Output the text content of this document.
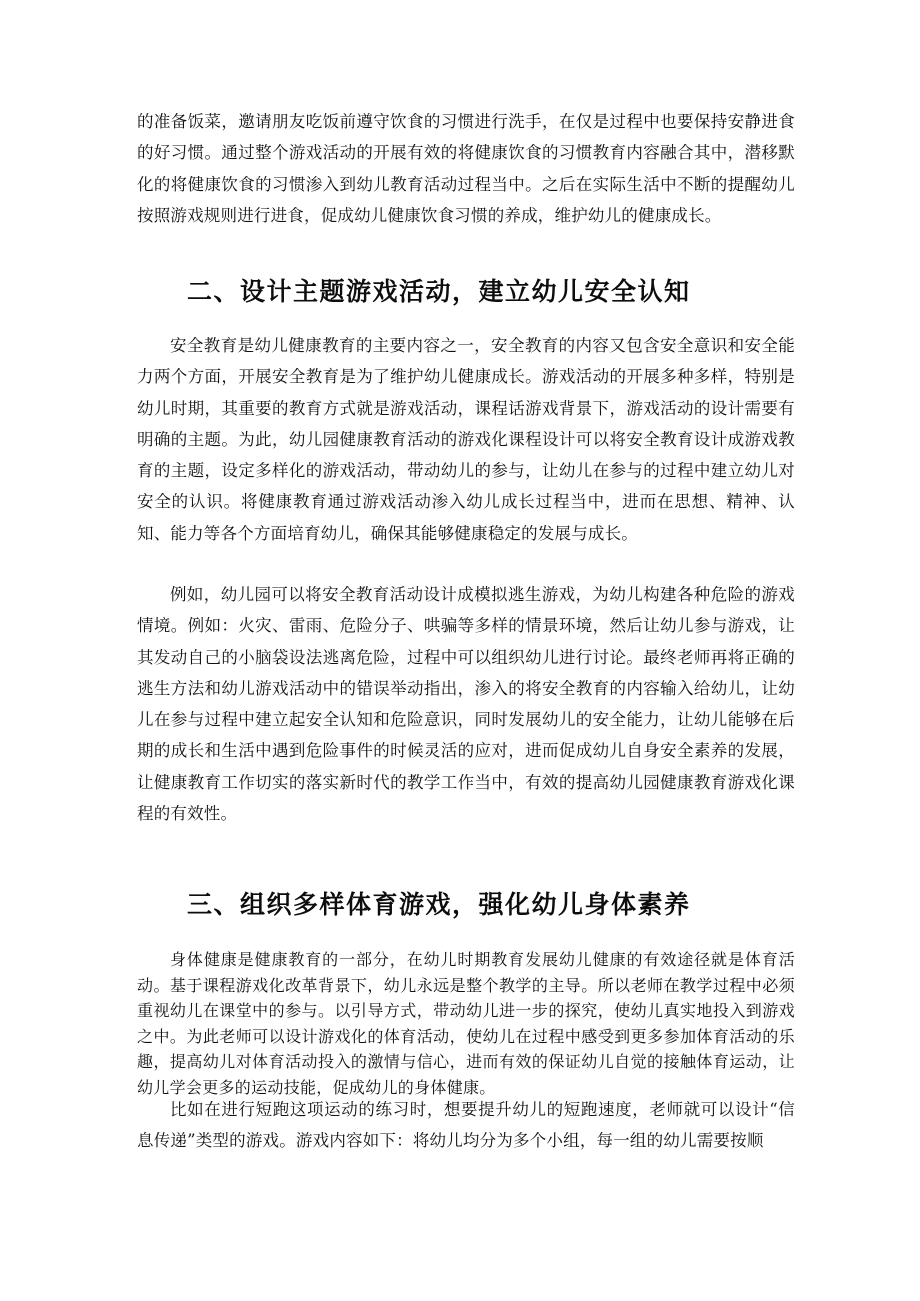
的准备饭菜，邀请朋友吃饭前遵守饮食的习惯进行洗手，在仅是过程中也要保持安静进食的好习惯。通过整个游戏活动的开展有效的将健康饮食的习惯教育内容融合其中，潜移默化的将健康饮食的习惯渗入到幼儿教育活动过程当中。之后在实际生活中不断的提醒幼儿按照游戏规则进行进食，促成幼儿健康饮食习惯的养成，维护幼儿的健康成长。

二、设计主题游戏活动，建立幼儿安全认知

安全教育是幼儿健康教育的主要内容之一，安全教育的内容又包含安全意识和安全能力两个方面，开展安全教育是为了维护幼儿健康成长。游戏活动的开展多种多样，特别是幼儿时期，其重要的教育方式就是游戏活动，课程话游戏背景下，游戏活动的设计需要有明确的主题。为此，幼儿园健康教育活动的游戏化课程设计可以将安全教育设计成游戏教育的主题，设定多样化的游戏活动，带动幼儿的参与，让幼儿在参与的过程中建立幼儿对安全的认识。将健康教育通过游戏活动渗入幼儿成长过程当中，进而在思想、精神、认知、能力等各个方面培育幼儿，确保其能够健康稳定的发展与成长。

例如，幼儿园可以将安全教育活动设计成模拟逃生游戏，为幼儿构建各种危险的游戏情境。例如：火灾、雷雨、危险分子、哄骗等多样的情景环境，然后让幼儿参与游戏，让其发动自己的小脑袋设法逃离危险，过程中可以组织幼儿进行讨论。最终老师再将正确的逃生方法和幼儿游戏活动中的错误举动指出，渗入的将安全教育的内容输入给幼儿，让幼儿在参与过程中建立起安全认知和危险意识，同时发展幼儿的安全能力，让幼儿能够在后期的成长和生活中遇到危险事件的时候灵活的应对，进而促成幼儿自身安全素养的发展，让健康教育工作切实的落实新时代的教学工作当中，有效的提高幼儿园健康教育游戏化课程的有效性。

三、组织多样体育游戏，强化幼儿身体素养

身体健康是健康教育的一部分，在幼儿时期教育发展幼儿健康的有效途径就是体育活动。基于课程游戏化改革背景下，幼儿永远是整个教学的主导。所以老师在教学过程中必须重视幼儿在课堂中的参与。以引导方式，带动幼儿进一步的探究，使幼儿真实地投入到游戏之中。为此老师可以设计游戏化的体育活动，使幼儿在过程中感受到更多参加体育活动的乐趣，提高幼儿对体育活动投入的激情与信心，进而有效的保证幼儿自觉的接触体育运动，让幼儿学会更多的运动技能，促成幼儿的身体健康。

比如在进行短跑这项运动的练习时，想要提升幼儿的短跑速度，老师就可以设计“信息传递”类型的游戏。游戏内容如下：将幼儿均分为多个小组，每一组的幼儿需要按顺
